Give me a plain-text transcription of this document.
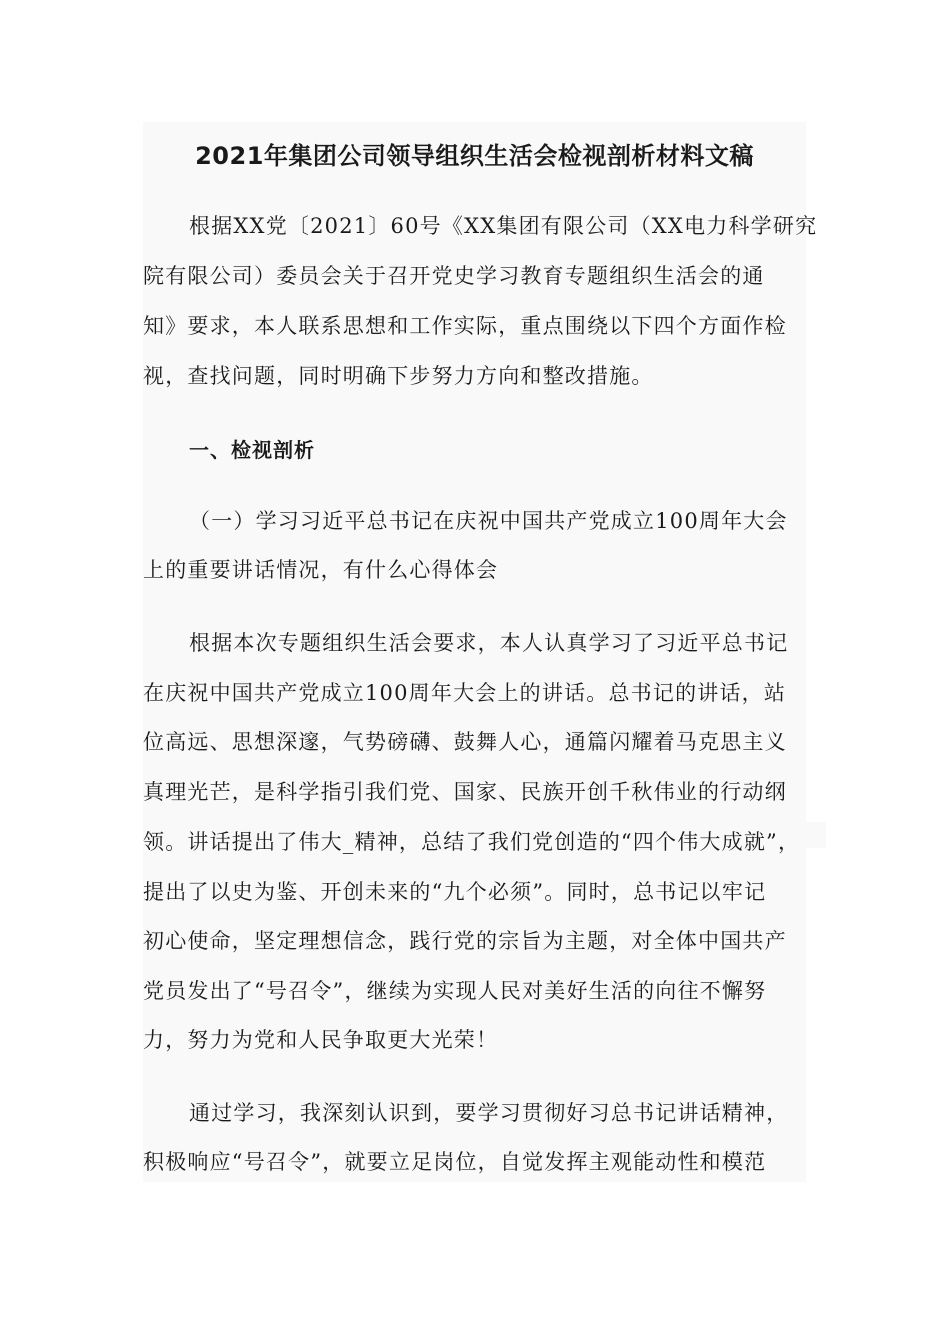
2021年集团公司领导组织生活会检视剖析材料文稿
根据XX党〔2021〕60号《XX集团有限公司（XX电力科学研究
院有限公司）委员会关于召开党史学习教育专题组织生活会的通
知》要求，本人联系思想和工作实际，重点围绕以下四个方面作检
视，查找问题，同时明确下步努力方向和整改措施。
一、检视剖析
（一）学习习近平总书记在庆祝中国共产党成立100周年大会
上的重要讲话情况，有什么心得体会
根据本次专题组织生活会要求，本人认真学习了习近平总书记
在庆祝中国共产党成立100周年大会上的讲话。总书记的讲话，站
位高远、思想深邃，气势磅礴、鼓舞人心，通篇闪耀着马克思主义
真理光芒，是科学指引我们党、国家、民族开创千秋伟业的行动纲
领。讲话提出了伟大_精神，总结了我们党创造的“四个伟大成就”，
提出了以史为鉴、开创未来的“九个必须”。同时，总书记以牢记
初心使命，坚定理想信念，践行党的宗旨为主题，对全体中国共产
党员发出了“号召令”，继续为实现人民对美好生活的向往不懈努
力，努力为党和人民争取更大光荣！
通过学习，我深刻认识到，要学习贯彻好习总书记讲话精神，
积极响应“号召令”，就要立足岗位，自觉发挥主观能动性和模范
